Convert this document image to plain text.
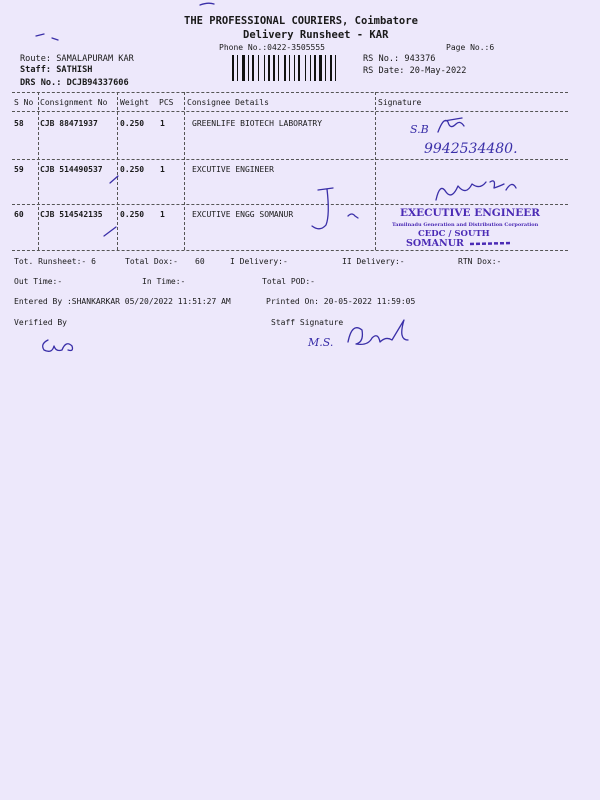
THE PROFESSIONAL COURIERS, Coimbatore
Delivery Runsheet - KAR
Phone No.:0422-3505555	Page No.:6
Route: SAMALAPURAM KAR
Staff: SATHISH
DRS No.: DCJB94337606
RS No.: 943376
RS Date: 20-May-2022
S No Consignment No Weight PCS Consignee Details	Signature
58 CJB 88471937	0.250 1	GREENLIFE BIOTECH LABORATRY
59 CJB 514490537 0.250 1	EXCUTIVE ENGINEER
60 CJB 514542135 0.250 1	EXCUTIVE ENGG SOMANUR
S.B
9942534480.
EXECUTIVE ENGINEER
Tamilnadu Generation and Distribution Corporation
CEDC / SOUTH
SOMANUR
M.S.
Tot. Runsheet:- 6	Total Dox:- 60	I Delivery:-	II Delivery:-	RTN Dox:-
Out Time:-	In Time:-	Total POD:-
Entered By :SHANKARKAR 05/20/2022 11:51:27 AM	Printed On: 20-05-2022 11:59:05
Verified By	Staff Signature
